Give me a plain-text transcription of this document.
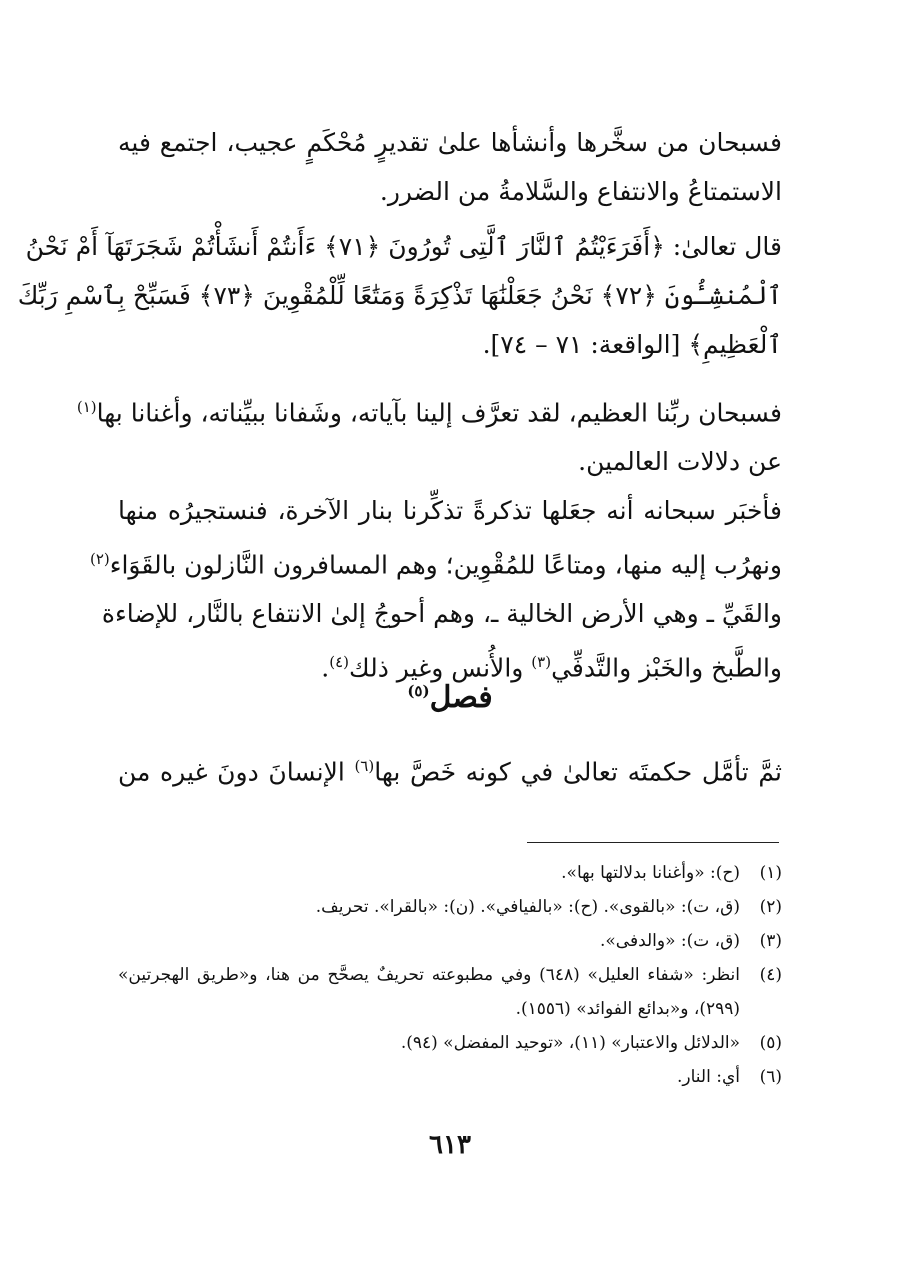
فسبحان من سخَّرها وأنشأها علىٰ تقديرٍ مُحْكَمٍ عجيب، اجتمع فيه
الاستمتاعُ والانتفاع والسَّلامةُ من الضرر.
قال تعالىٰ: ﴿أَفَرَءَيْتُمُ ٱلنَّارَ ٱلَّتِى تُورُونَ ﴿٧١﴾ ءَأَنتُمْ أَنشَأْتُمْ شَجَرَتَهَآ أَمْ نَحْنُ
ٱلْمُنشِـُٔونَ ﴿٧٢﴾ نَحْنُ جَعَلْنَٰهَا تَذْكِرَةً وَمَتَٰعًا لِّلْمُقْوِينَ ﴿٧٣﴾ فَسَبِّحْ بِٱسْمِ رَبِّكَ
ٱلْعَظِيمِ﴾ [الواقعة: ٧١ – ٧٤].
فسبحان ربِّنا العظيم، لقد تعرَّف إلينا بآياته، وشَفانا ببيِّناته، وأغنانا بها$^{(١)}$
عن دلالات العالمين.
فأخبَر سبحانه أنه جعَلها تذكرةً تذكِّرنا بنار الآخرة، فنستجيرُه منها
ونهرُب إليه منها، ومتاعًا للمُقْوِين؛ وهم المسافرون النَّازلون بالقَوَاء$^{(٢)}$
والقَيِّ ـ وهي الأرض الخالية ـ، وهم أحوجُ إلىٰ الانتفاع بالنَّار، للإضاءة
والطَّبخ والخَبْز والتَّدفِّي$^{(٣)}$ والأُنس وغير ذلك$^{(٤)}$.
فصل$^{(٥)}$
ثمَّ تأمَّل حكمتَه تعالىٰ في كونه خَصَّ بها$^{(٦)}$ الإنسانَ دونَ غيره من
(١)
(ح): «وأغنانا بدلالتها بها».
(٢)
(ق، ت): «بالقوى». (ح): «بالفيافي». (ن): «بالقرا». تحريف.
(٣)
(ق، ت): «والدفى».
(٤)
انظر: «شفاء العليل» (٦٤٨) وفي مطبوعته تحريفٌ يصحَّح من هنا، و«طريق الهجرتين» (٢٩٩)، و«بدائع الفوائد» (١٥٥٦).
(٥)
«الدلائل والاعتبار» (١١)، «توحيد المفضل» (٩٤).
(٦)
أي: النار.
٦١٣
